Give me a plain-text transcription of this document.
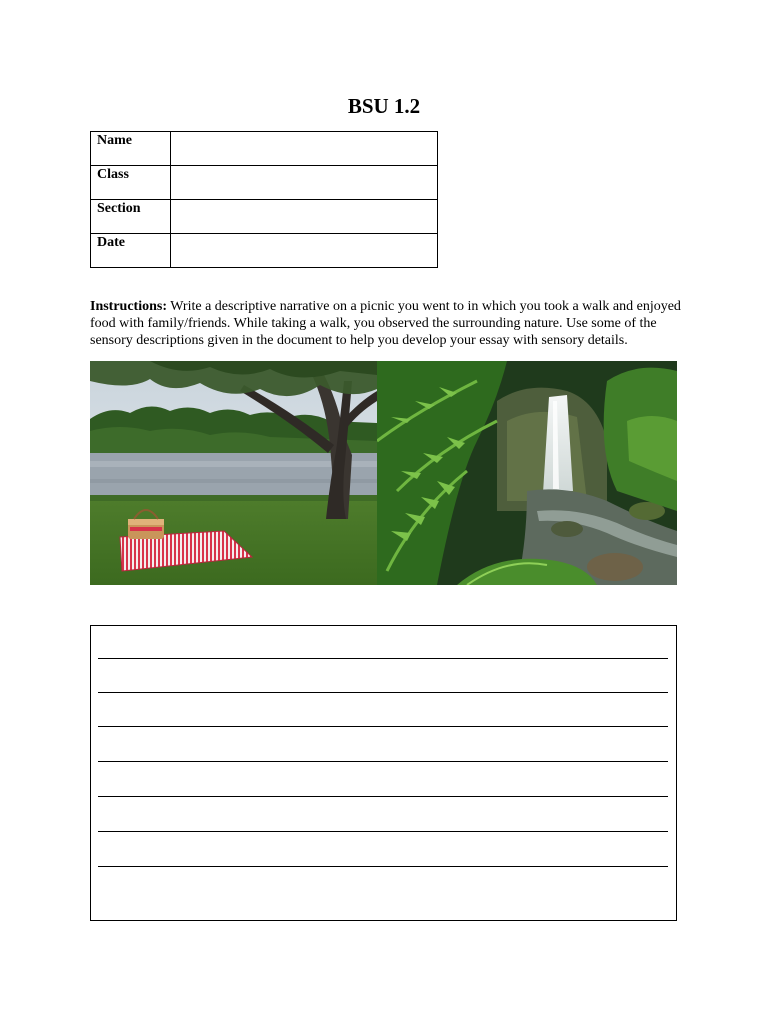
BSU 1.2
Name	
Class	
Section	
Date	

Instructions: Write a descriptive narrative on a picnic you went to in which you took a walk and enjoyed food with family/friends. While taking a walk, you observed the surrounding nature. Use some of the sensory descriptions given in the document to help you develop your essay with sensory details.
